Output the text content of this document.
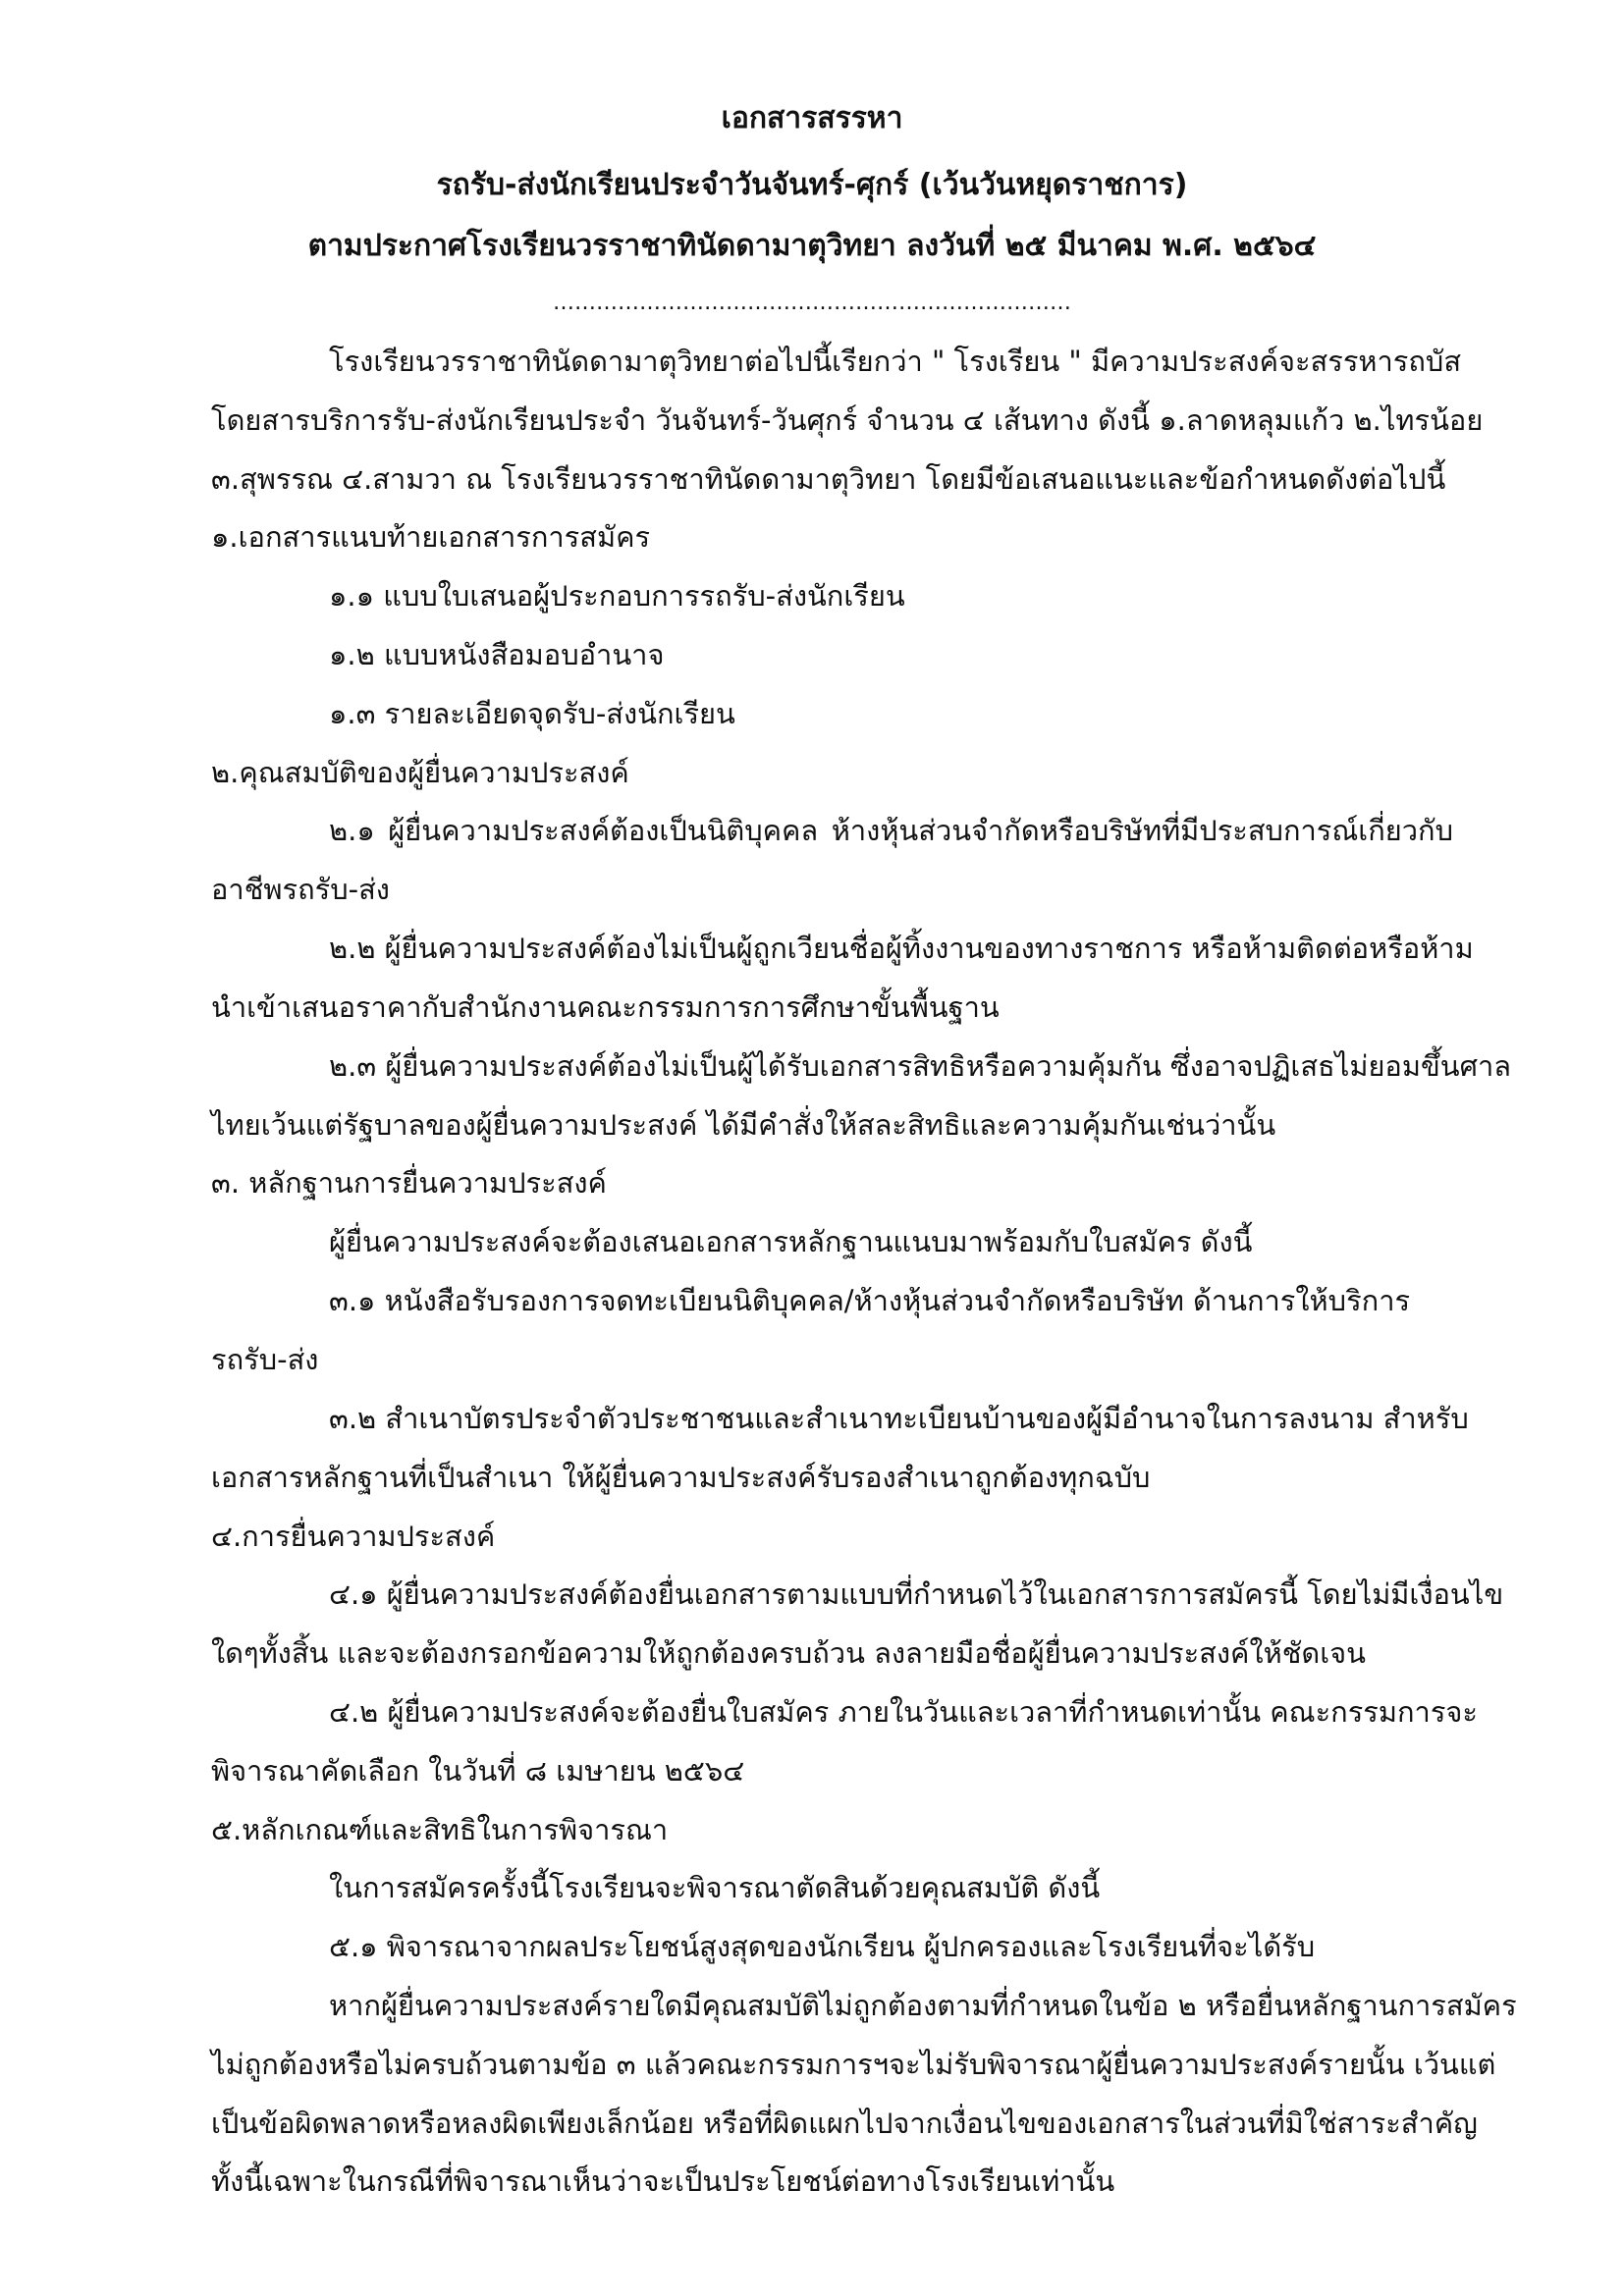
เอกสารสรรหา
รถรับ-ส่งนักเรียนประจำวันจันทร์-ศุกร์ (เว้นวันหยุดราชการ)
ตามประกาศโรงเรียนวรราชาทินัดดามาตุวิทยา ลงวันที่ ๒๕ มีนาคม พ.ศ. ๒๕๖๔
………………………………………………………………
โรงเรียนวรราชาทินัดดามาตุวิทยาต่อไปนี้เรียกว่า " โรงเรียน " มีความประสงค์จะสรรหารถบัส
โดยสารบริการรับ-ส่งนักเรียนประจำ วันจันทร์-วันศุกร์ จำนวน ๔ เส้นทาง ดังนี้ ๑.ลาดหลุมแก้ว ๒.ไทรน้อย
๓.สุพรรณ ๔.สามวา ณ โรงเรียนวรราชาทินัดดามาตุวิทยา โดยมีข้อเสนอแนะและข้อกำหนดดังต่อไปนี้
๑.เอกสารแนบท้ายเอกสารการสมัคร
๑.๑ แบบใบเสนอผู้ประกอบการรถรับ-ส่งนักเรียน
๑.๒ แบบหนังสือมอบอำนาจ
๑.๓ รายละเอียดจุดรับ-ส่งนักเรียน
๒.คุณสมบัติของผู้ยื่นความประสงค์
๒.๑ ผู้ยื่นความประสงค์ต้องเป็นนิติบุคคล ห้างหุ้นส่วนจำกัดหรือบริษัทที่มีประสบการณ์เกี่ยวกับ
อาชีพรถรับ-ส่ง
๒.๒ ผู้ยื่นความประสงค์ต้องไม่เป็นผู้ถูกเวียนชื่อผู้ทิ้งงานของทางราชการ หรือห้ามติดต่อหรือห้าม
นำเข้าเสนอราคากับสำนักงานคณะกรรมการการศึกษาขั้นพื้นฐาน
๒.๓ ผู้ยื่นความประสงค์ต้องไม่เป็นผู้ได้รับเอกสารสิทธิหรือความคุ้มกัน ซึ่งอาจปฏิเสธไม่ยอมขึ้นศาล
ไทยเว้นแต่รัฐบาลของผู้ยื่นความประสงค์ ได้มีคำสั่งให้สละสิทธิและความคุ้มกันเช่นว่านั้น
๓. หลักฐานการยื่นความประสงค์
ผู้ยื่นความประสงค์จะต้องเสนอเอกสารหลักฐานแนบมาพร้อมกับใบสมัคร ดังนี้
๓.๑ หนังสือรับรองการจดทะเบียนนิติบุคคล/ห้างหุ้นส่วนจำกัดหรือบริษัท ด้านการให้บริการ
รถรับ-ส่ง
๓.๒ สำเนาบัตรประจำตัวประชาชนและสำเนาทะเบียนบ้านของผู้มีอำนาจในการลงนาม สำหรับ
เอกสารหลักฐานที่เป็นสำเนา ให้ผู้ยื่นความประสงค์รับรองสำเนาถูกต้องทุกฉบับ
๔.การยื่นความประสงค์
๔.๑ ผู้ยื่นความประสงค์ต้องยื่นเอกสารตามแบบที่กำหนดไว้ในเอกสารการสมัครนี้ โดยไม่มีเงื่อนไข
ใดๆทั้งสิ้น และจะต้องกรอกข้อความให้ถูกต้องครบถ้วน ลงลายมือชื่อผู้ยื่นความประสงค์ให้ชัดเจน
๔.๒ ผู้ยื่นความประสงค์จะต้องยื่นใบสมัคร ภายในวันและเวลาที่กำหนดเท่านั้น คณะกรรมการจะ
พิจารณาคัดเลือก ในวันที่ ๘ เมษายน ๒๕๖๔
๕.หลักเกณฑ์และสิทธิในการพิจารณา
ในการสมัครครั้งนี้โรงเรียนจะพิจารณาตัดสินด้วยคุณสมบัติ ดังนี้
๕.๑ พิจารณาจากผลประโยชน์สูงสุดของนักเรียน ผู้ปกครองและโรงเรียนที่จะได้รับ
หากผู้ยื่นความประสงค์รายใดมีคุณสมบัติไม่ถูกต้องตามที่กำหนดในข้อ ๒ หรือยื่นหลักฐานการสมัคร
ไม่ถูกต้องหรือไม่ครบถ้วนตามข้อ ๓ แล้วคณะกรรมการฯจะไม่รับพิจารณาผู้ยื่นความประสงค์รายนั้น เว้นแต่
เป็นข้อผิดพลาดหรือหลงผิดเพียงเล็กน้อย หรือที่ผิดแผกไปจากเงื่อนไขของเอกสารในส่วนที่มิใช่สาระสำคัญ
ทั้งนี้เฉพาะในกรณีที่พิจารณาเห็นว่าจะเป็นประโยชน์ต่อทางโรงเรียนเท่านั้น
